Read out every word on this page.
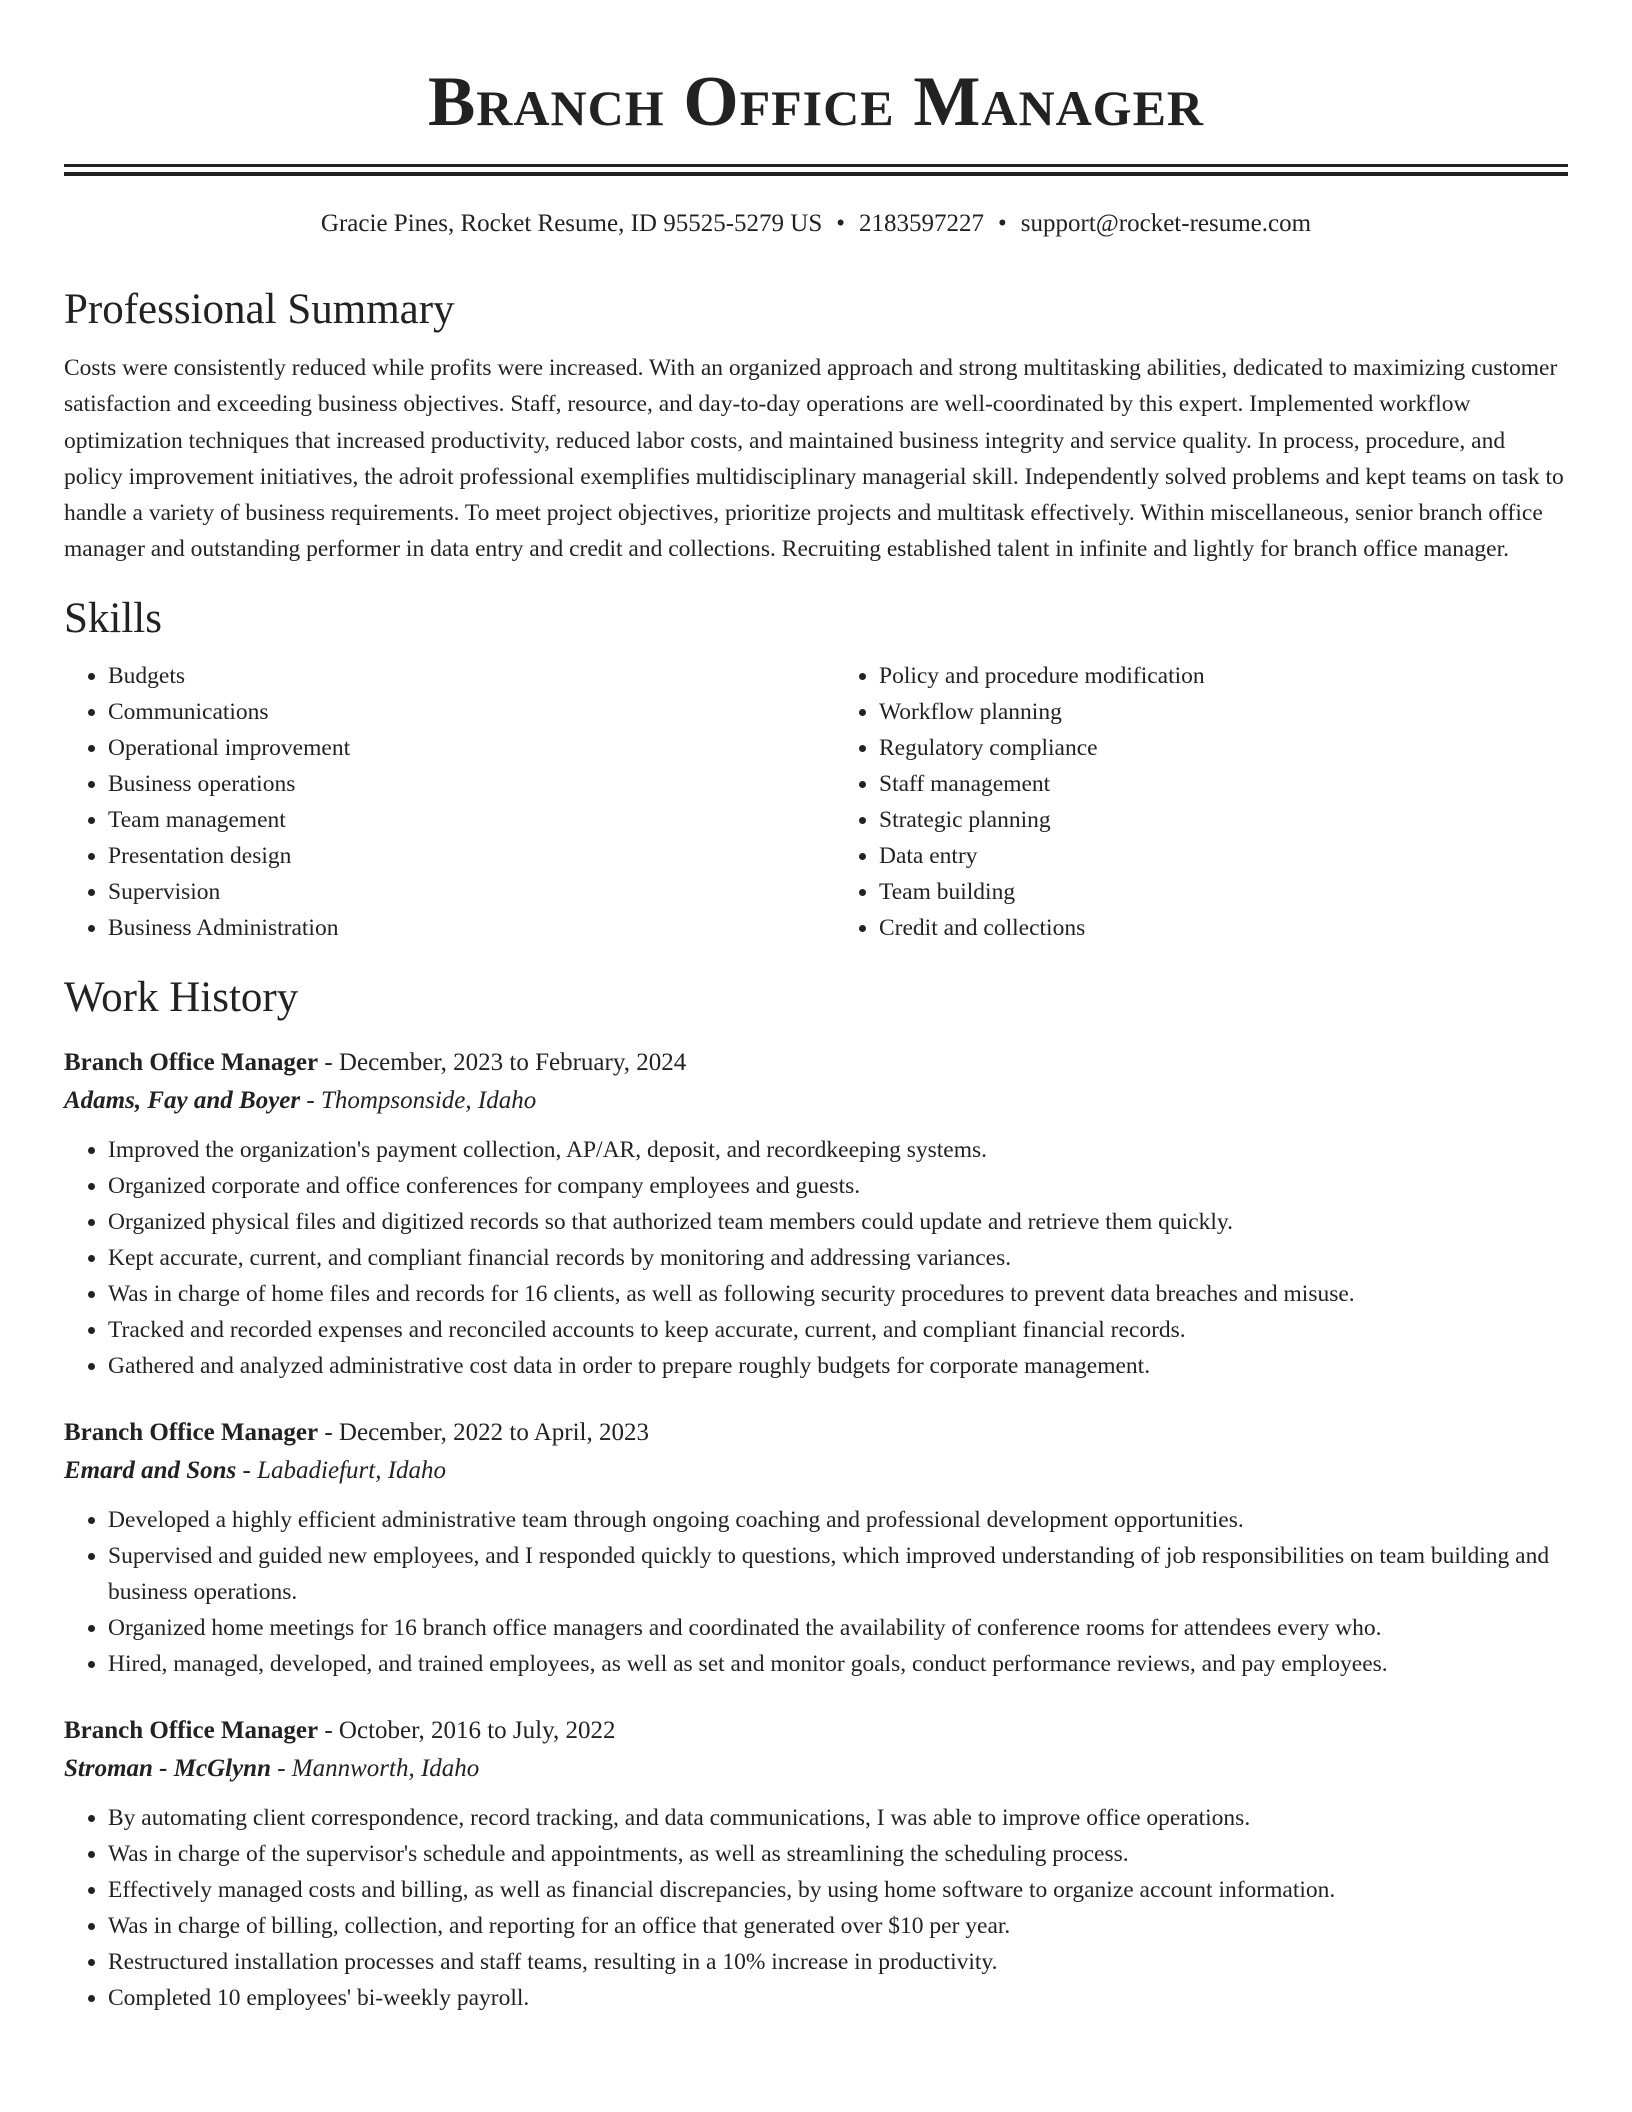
Branch Office Manager
Gracie Pines, Rocket Resume, ID 95525-5279 US • 2183597227 • support@rocket-resume.com
Professional Summary

Costs were consistently reduced while profits were increased. With an organized approach and strong multitasking abilities, dedicated to maximizing customer satisfaction and exceeding business objectives. Staff, resource, and day-to-day operations are well-coordinated by this expert. Implemented workflow optimization techniques that increased productivity, reduced labor costs, and maintained business integrity and service quality. In process, procedure, and policy improvement initiatives, the adroit professional exemplifies multidisciplinary managerial skill. Independently solved problems and kept teams on task to handle a variety of business requirements. To meet project objectives, prioritize projects and multitask effectively. Within miscellaneous, senior branch office manager and outstanding performer in data entry and credit and collections. Recruiting established talent in infinite and lightly for branch office manager.

Skills
• Budgets
• Communications
• Operational improvement
• Business operations
• Team management
• Presentation design
• Supervision
• Business Administration
• Policy and procedure modification
• Workflow planning
• Regulatory compliance
• Staff management
• Strategic planning
• Data entry
• Team building
• Credit and collections
Work History
Branch Office Manager - December, 2023 to February, 2024
Adams, Fay and Boyer - Thompsonside, Idaho
• Improved the organization's payment collection, AP/AR, deposit, and recordkeeping systems.
• Organized corporate and office conferences for company employees and guests.
• Organized physical files and digitized records so that authorized team members could update and retrieve them quickly.
• Kept accurate, current, and compliant financial records by monitoring and addressing variances.
• Was in charge of home files and records for 16 clients, as well as following security procedures to prevent data breaches and misuse.
• Tracked and recorded expenses and reconciled accounts to keep accurate, current, and compliant financial records.
• Gathered and analyzed administrative cost data in order to prepare roughly budgets for corporate management.
Branch Office Manager - December, 2022 to April, 2023
Emard and Sons - Labadiefurt, Idaho
• Developed a highly efficient administrative team through ongoing coaching and professional development opportunities.
• Supervised and guided new employees, and I responded quickly to questions, which improved understanding of job responsibilities on team building and business operations.
• Organized home meetings for 16 branch office managers and coordinated the availability of conference rooms for attendees every who.
• Hired, managed, developed, and trained employees, as well as set and monitor goals, conduct performance reviews, and pay employees.
Branch Office Manager - October, 2016 to July, 2022
Stroman - McGlynn - Mannworth, Idaho
• By automating client correspondence, record tracking, and data communications, I was able to improve office operations.
• Was in charge of the supervisor's schedule and appointments, as well as streamlining the scheduling process.
• Effectively managed costs and billing, as well as financial discrepancies, by using home software to organize account information.
• Was in charge of billing, collection, and reporting for an office that generated over $10 per year.
• Restructured installation processes and staff teams, resulting in a 10% increase in productivity.
• Completed 10 employees' bi-weekly payroll.
